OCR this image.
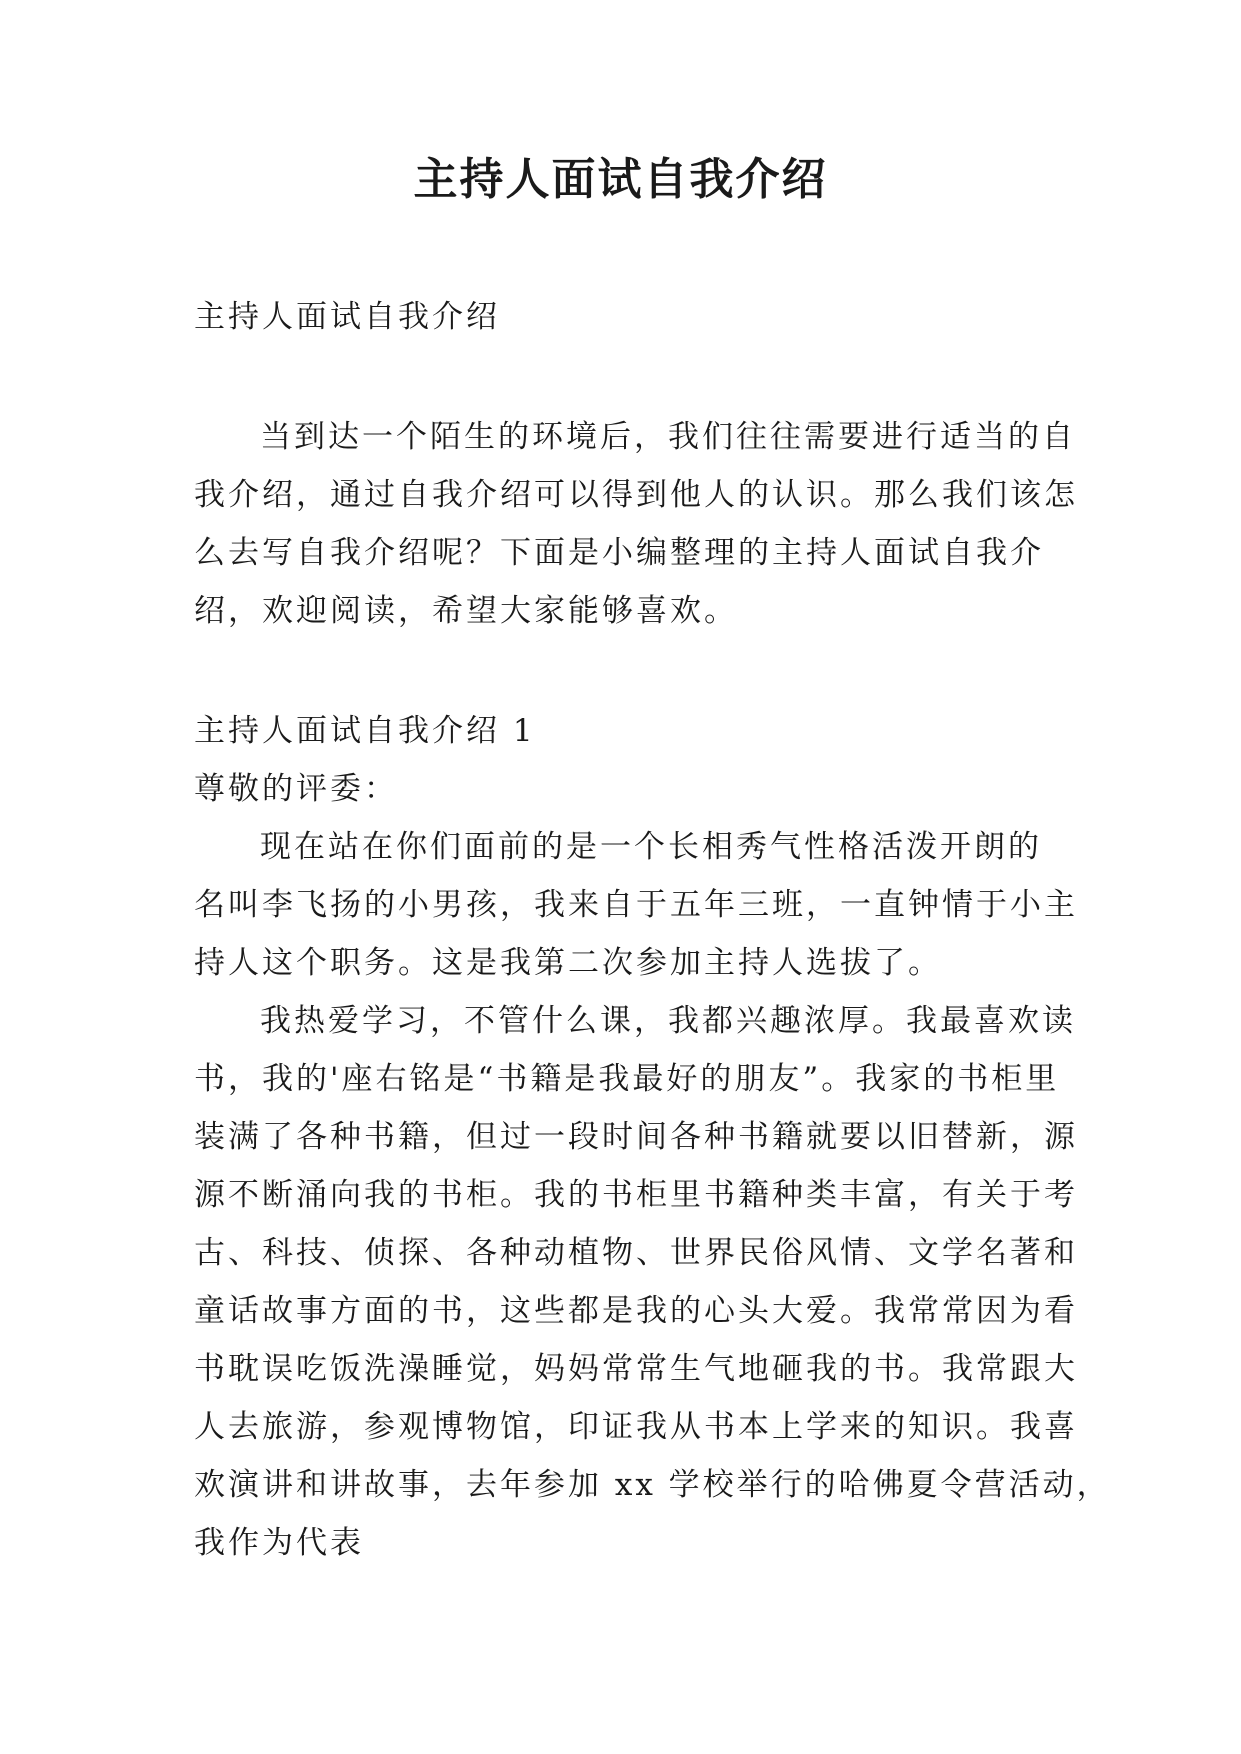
主持人面试自我介绍
主持人面试自我介绍
当到达一个陌生的环境后，我们往往需要进行适当的自
我介绍，通过自我介绍可以得到他人的认识。那么我们该怎
么去写自我介绍呢？下面是小编整理的主持人面试自我介
绍，欢迎阅读，希望大家能够喜欢。
主持人面试自我介绍 1
尊敬的评委：
现在站在你们面前的是一个长相秀气性格活泼开朗的
名叫李飞扬的小男孩，我来自于五年三班，一直钟情于小主
持人这个职务。这是我第二次参加主持人选拔了。
我热爱学习，不管什么课，我都兴趣浓厚。我最喜欢读
书，我的'座右铭是“书籍是我最好的朋友”。我家的书柜里
装满了各种书籍，但过一段时间各种书籍就要以旧替新，源
源不断涌向我的书柜。我的书柜里书籍种类丰富，有关于考
古、科技、侦探、各种动植物、世界民俗风情、文学名著和
童话故事方面的书，这些都是我的心头大爱。我常常因为看
书耽误吃饭洗澡睡觉，妈妈常常生气地砸我的书。我常跟大
人去旅游，参观博物馆，印证我从书本上学来的知识。我喜
欢演讲和讲故事，去年参加 xx 学校举行的哈佛夏令营活动，
我作为代表
